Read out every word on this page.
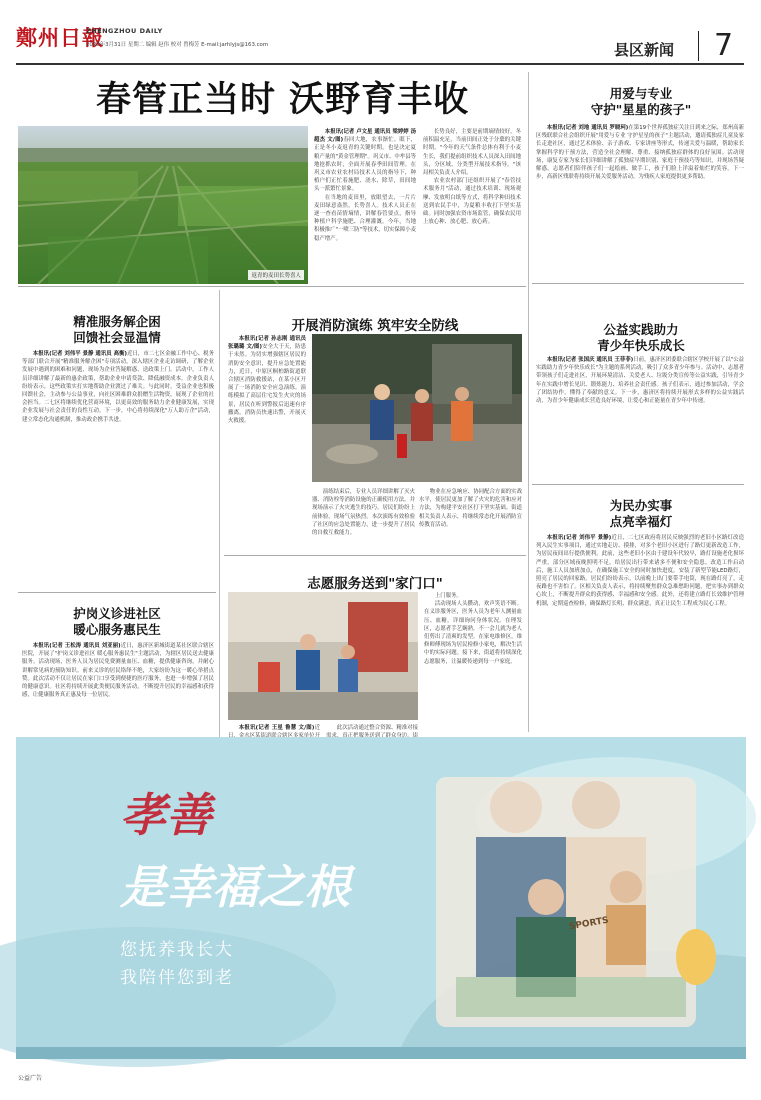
鄭州日報
ZHENGZHOU DAILY
2026年3月31日 星期二 编辑 赵伟 校对 曾梅芳 E-mail:jarhlyjs@163.com	县区新闻 7
春管正当时 沃野育丰收
返青的麦田长势喜人

本报讯(记者 卢文星 通讯员 梁婷婷 汤超杰 文/图)春回大地，农事渐忙。眼下，正是冬小麦返青的关键时期，也是决定夏粮产量的"黄金管理期"。巩义市、中牟县等地抢抓农时，全面开展春季田间管理。在巩义市农业农村局技术人员的指导下，种植户们正忙着施肥、浇水、除草，田间地头一派繁忙景象。

在当地的麦田里，放眼望去，一片片麦田绿意盎然，长势喜人。技术人员正在逐一查看苗情墒情，讲解春管要点，指导种植户科学施肥、合理灌溉。今年，当地积极推广"一喷三防"等技术，切实保障小麦稳产增产。

长势良好，主要是前期墒情较好，冬前积温充足，当前田间正处于分蘖的关键时期。"今年的天气条件总体有利于小麦生长，我们提前组织技术人员深入田间地头，分区域、分类型开展技术指导。"该局相关负责人介绍。

农业农村部门还组织开展了"春管技术服务月"活动，通过技术培训、现场观摩、发放明白纸等方式，将科学种田技术送到农民手中，为夏粮丰收打下坚实基础。同时加强农资市场监管，确保农民用上放心种、放心肥、放心药。

用爱与专业
守护"星星的孩子"

本报讯(记者 刘地 通讯员 罗晓珂)在第19个世界孤独症关注日到来之际，郑州高新区残联联合社会组织开展"用爱与专业 守护星星的孩子"主题活动，邀请孤独症儿童及家长走进社区，通过艺术体验、亲子游戏、专家讲座等形式，传递关爱与温暖，帮助家长掌握科学的干预方法，营造全社会理解、尊重、接纳孤独症群体的良好氛围。活动现场，康复专家为家长们详细讲解了孤独症早期识别、家庭干预技巧等知识，并现场答疑解惑。志愿者们陪伴孩子们一起绘画、做手工，孩子们脸上洋溢着灿烂的笑容。下一步，高新区残联将持续开展关爱服务活动，为残疾人家庭提供更多帮助。

精准服务解企困
回馈社会显温情

本报讯(记者 刘伟平 景静 通讯员 高衡)近日，市二七区金融工作中心、税务等部门联合开展"精准服务解企困"专项活动，深入辖区企业走访调研，了解企业发展中遇到的困难和问题，现场为企业答疑解惑、送政策上门。活动中，工作人员详细讲解了最新的惠企政策，帮助企业申请贷款、降低融资成本。企业负责人纷纷表示，这些政策实打实地帮助企业渡过了难关。与此同时，受益企业也积极回馈社会，主动参与公益事业，向社区困难群众捐赠生活物资，展现了企业的社会担当。二七区将继续优化营商环境，以更高效的服务助力企业健康发展，实现企业发展与社会责任的良性互动。下一步，中心将持续深化"万人助万企"活动，建立常态化沟通机制，推动政企携手共进。

开展消防演练 筑牢安全防线

本报讯(记者 孙志刚 通讯员 张璐璐 文/图)安全大于天，防患于未然。为切实增强辖区居民的消防安全意识，提升应急处置能力，近日，中原区桐柏路街道联合辖区消防救援站，在某小区开展了一场消防安全应急演练。演练模拟了高层住宅发生火灾的场景，居民在听到警报后迅速有序撤离，消防员快速出警，开展灭火救援。

演练结束后，专业人员详细讲解了灭火器、消防栓等消防设施的正确使用方法，并现场演示了火灾逃生的技巧。居民们纷纷上前体验，现场气氛热烈。本次演练有效检验了社区的应急处置能力，进一步提升了居民的自救互救能力。

物业在应急响应、协同配合方面的实战水平，使居民更加了解了火灾的危害和应对方法，为构建平安社区打下坚实基础。街道相关负责人表示，将继续常态化开展消防宣传教育活动。

公益实践助力
青少年快乐成长

本报讯(记者 张国庆 通讯员 王菲菲)日前，惠济区团委联合辖区学校开展了以"公益实践助力青少年快乐成长"为主题的系列活动，吸引了众多青少年参与。活动中，志愿者带领孩子们走进社区，开展环境清洁、关爱老人、垃圾分类宣传等公益实践，引导青少年在实践中增长见识、锻炼能力、培养社会责任感。孩子们表示，通过参加活动，学会了团结协作，懂得了奉献的意义。下一步，惠济区将持续开展形式多样的公益实践活动，为青少年健康成长营造良好环境，让爱心和正能量在青少年中传递。

为民办实事
点亮幸福灯

本报讯(记者 刘伟平 景静)近日，二七区政府将居民反映强烈的老旧小区路灯改造列入民生实事项目，通过实地走访、摸排，对多个老旧小区进行了路灯更新改造工作，为居民夜间出行提供便利。此前，这些老旧小区由于建设年代较早，路灯设施老化损坏严重，部分区域夜晚照明不足，给居民出行带来诸多不便和安全隐患。改造工作启动后，施工人员加班加点，在确保施工安全的同时加快进度，安装了新型节能LED路灯，照亮了居民的回家路。居民们纷纷表示，以前晚上出门要带手电筒，现在路灯亮了，走夜路也不害怕了。区相关负责人表示，将持续聚焦群众急难愁盼问题，把实事办到群众心坎上，不断提升群众的获得感、幸福感和安全感。此外，还将建立路灯长效维护管理机制，定期巡查检修，确保路灯长明、群众满意，真正让民生工程成为民心工程。

护岗义诊进社区
暖心服务惠民生

本报讯(记者 王松涛 通讯员 刘亚丽)近日，惠济区新城街道某社区联合辖区医院，开展了"护岗义诊进社区 暖心服务惠民生"主题活动，为辖区居民送去健康服务。活动现场，医务人员为居民免费测量血压、血糖，提供健康咨询，并耐心讲解常见病的预防知识。前来义诊的居民络绎不绝，大家纷纷为这一暖心举措点赞。此次活动不仅让居民在家门口享受到便捷的医疗服务，也进一步增强了居民的健康意识。社区将持续开展此类便民服务活动，不断提升居民的幸福感和获得感，让健康服务真正惠及每一位居民。

志愿服务送到"家门口"

上门服务。

活动现场人头攒动，欢声笑语不断。在义诊服务区，医务人员为老年人测量血压、血糖，详细询问身体状况。在理发区，志愿者手艺娴熟，不一会儿就为老人们剪出了清爽的发型。在家电维修区，维修师傅现场为居民检修小家电，解决生活中的实际问题。接下来，街道将持续深化志愿服务，让温暖传递到每一户家庭。

本报讯(记者 王星 鲁慧 文/图)近	此次活动通过整合资源、精准对接

孝善
是幸福之根
您抚养我长大
我陪伴您到老
SPORTS
公益广告
